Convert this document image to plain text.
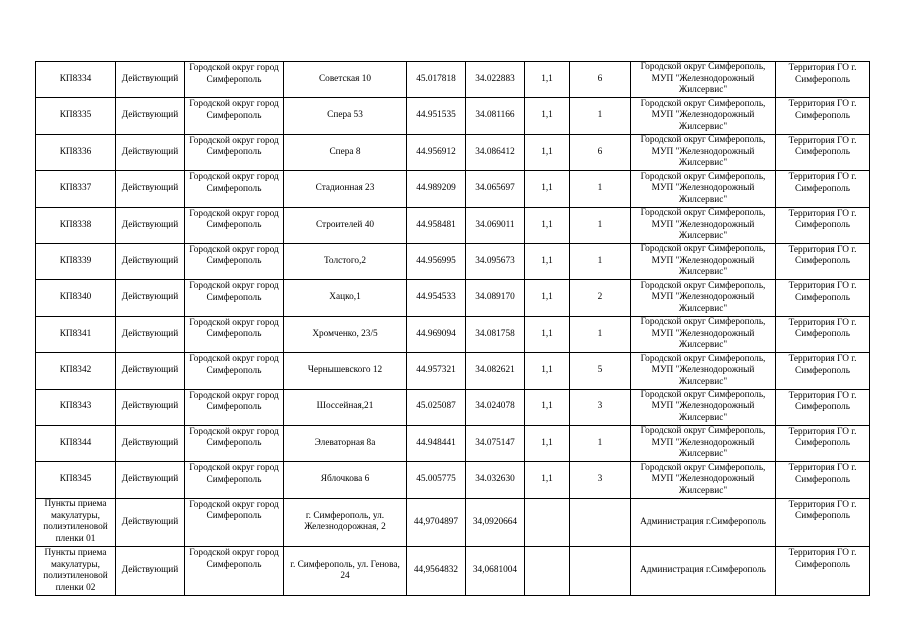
КП8334	Действующий	Городской округ город Симферополь	Советская 10	45.017818	34.022883	1,1	6	Городской округ Симферополь, МУП "Железнодорожный Жилсервис"	Территория ГО г. Симферополь
КП8335	Действующий	Городской округ город Симферополь	Спера 53	44.951535	34.081166	1,1	1	Городской округ Симферополь, МУП "Железнодорожный Жилсервис"	Территория ГО г. Симферополь
КП8336	Действующий	Городской округ город Симферополь	Спера 8	44.956912	34.086412	1,1	6	Городской округ Симферополь, МУП "Железнодорожный Жилсервис"	Территория ГО г. Симферополь
КП8337	Действующий	Городской округ город Симферополь	Стадионная 23	44.989209	34.065697	1,1	1	Городской округ Симферополь, МУП "Железнодорожный Жилсервис"	Территория ГО г. Симферополь
КП8338	Действующий	Городской округ город Симферополь	Строителей 40	44.958481	34.069011	1,1	1	Городской округ Симферополь, МУП "Железнодорожный Жилсервис"	Территория ГО г. Симферополь
КП8339	Действующий	Городской округ город Симферополь	Толстого,2	44.956995	34.095673	1,1	1	Городской округ Симферополь, МУП "Железнодорожный Жилсервис"	Территория ГО г. Симферополь
КП8340	Действующий	Городской округ город Симферополь	Хацко,1	44.954533	34.089170	1,1	2	Городской округ Симферополь, МУП "Железнодорожный Жилсервис"	Территория ГО г. Симферополь
КП8341	Действующий	Городской округ город Симферополь	Хромченко, 23/5	44.969094	34.081758	1,1	1	Городской округ Симферополь, МУП "Железнодорожный Жилсервис"	Территория ГО г. Симферополь
КП8342	Действующий	Городской округ город Симферополь	Чернышевского 12	44.957321	34.082621	1,1	5	Городской округ Симферополь, МУП "Железнодорожный Жилсервис"	Территория ГО г. Симферополь
КП8343	Действующий	Городской округ город Симферополь	Шоссейная,21	45.025087	34.024078	1,1	3	Городской округ Симферополь, МУП "Железнодорожный Жилсервис"	Территория ГО г. Симферополь
КП8344	Действующий	Городской округ город Симферополь	Элеваторная 8а	44.948441	34.075147	1,1	1	Городской округ Симферополь, МУП "Железнодорожный Жилсервис"	Территория ГО г. Симферополь
КП8345	Действующий	Городской округ город Симферополь	Яблочкова 6	45.005775	34.032630	1,1	3	Городской округ Симферополь, МУП "Железнодорожный Жилсервис"	Территория ГО г. Симферополь
Пункты приема макулатуры, полиэтиленовой пленки 01	Действующий	Городской округ город Симферополь	г. Симферополь, ул. Железнодорожная, 2	44,9704897	34,0920664			Администрация г.Симферополь	Территория ГО г. Симферополь
Пункты приема макулатуры, полиэтиленовой пленки 02	Действующий	Городской округ город Симферополь	г. Симферополь, ул. Генова, 24	44,9564832	34,0681004			Администрация г.Симферополь	Территория ГО г. Симферополь
